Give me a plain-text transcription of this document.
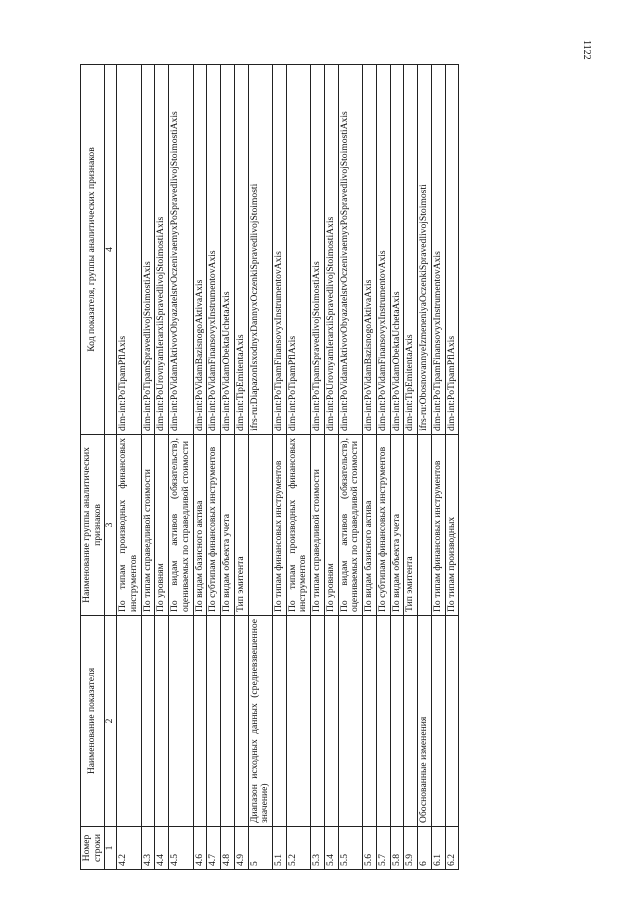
1122
Номер строки	Наименование показателя	Наименование группы аналитических признаков	Код показателя, группы аналитических признаков
1	2	3	4
4.2		По типам производных финансовых инструментов	dim-int:PoTipamPflAxis
4.3		По типам справедливой стоимости	dim-int:PoTipamSpravedlivojStoimostiAxis
4.4		По уровням	dim-int:PoUrovnyamIerarxiiSpravedlivojStoimostiAxis
4.5		По видам активов (обязательств), оцениваемых по справедливой стоимости	dim-int:PoVidamAktivovObyazatelstvOczenivaemyxPoSpravedlivojStoimostiAxis
4.6		По видам базисного актива	dim-int:PoVidamBazisnogoAktivaAxis
4.7		По субтипам финансовых инструментов	dim-int:PoVidamFinansovyxInstrumentovAxis
4.8		По видам объекта учета	dim-int:PoVidamObektaUchetaAxis
4.9		Тип эмитента	dim-int:TipEmitentaAxis
5	Диапазон исходных данных (средневзвешенное значение)		ifrs-ru:DiapazonIsxodnyxDannyxOczenkiSpravedlivojStoimosti
5.1		По типам финансовых инструментов	dim-int:PoTipamFinansovyxInstrumentovAxis
5.2		По типам производных финансовых инструментов	dim-int:PoTipamPflAxis
5.3		По типам справедливой стоимости	dim-int:PoTipamSpravedlivojStoimostiAxis
5.4		По уровням	dim-int:PoUrovnyamIerarxiiSpravedlivojStoimostiAxis
5.5		По видам активов (обязательств), оцениваемых по справедливой стоимости	dim-int:PoVidamAktivovObyazatelstvOczenivaemyxPoSpravedlivojStoimostiAxis
5.6		По видам базисного актива	dim-int:PoVidamBazisnogoAktivaAxis
5.7		По субтипам финансовых инструментов	dim-int:PoVidamFinansovyxInstrumentovAxis
5.8		По видам объекта учета	dim-int:PoVidamObektaUchetaAxis
5.9		Тип эмитента	dim-int:TipEmitentaAxis
6	Обоснованные изменения		ifrs-ru:ObosnovannyeIzmeneniyaOczenkiSpravedlivojStoimosti
6.1		По типам финансовых инструментов	dim-int:PoTipamFinansovyxInstrumentovAxis
6.2		По типам производных	dim-int:PoTipamPflAxis
